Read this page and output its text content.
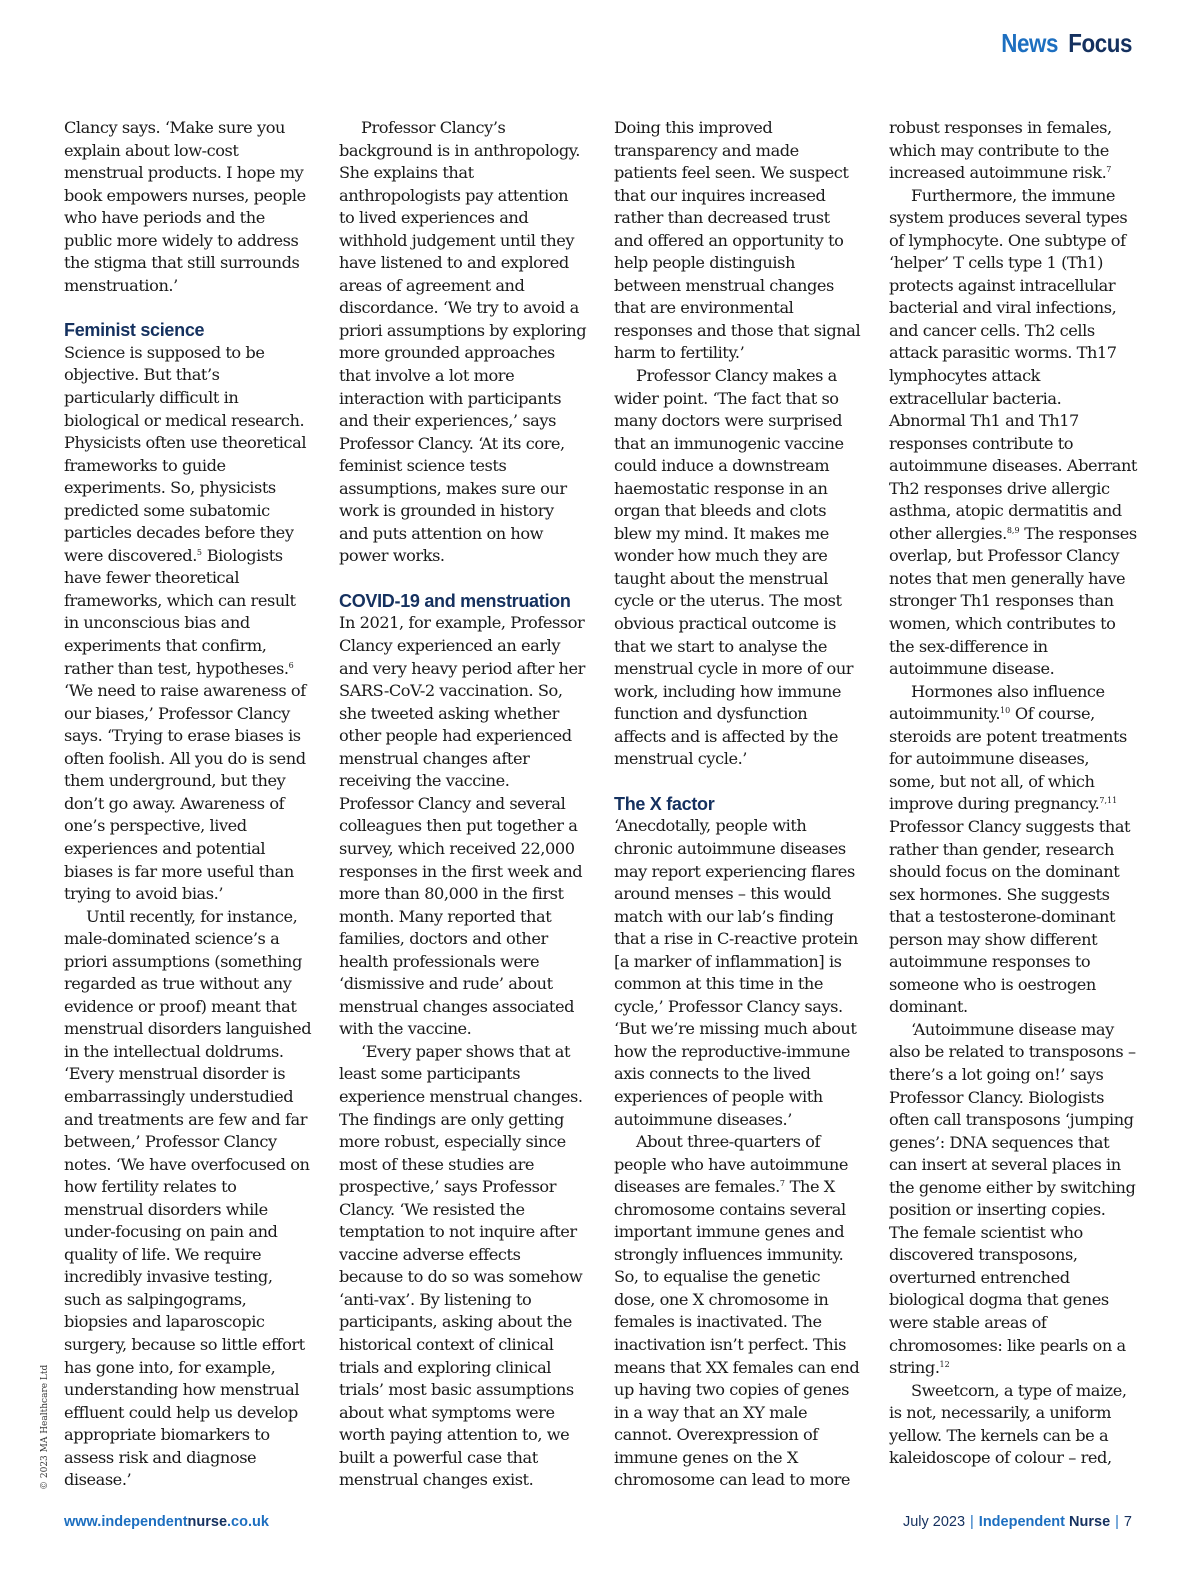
News Focus

Clancy says. ‘Make sure you explain about low-cost menstrual products. I hope my book empowers nurses, people who have periods and the public more widely to address the stigma that still surrounds menstruation.’

Feminist science

Science is supposed to be objective. But that’s particularly difficult in biological or medical research. Physicists often use theoretical frameworks to guide experiments. So, physicists predicted some subatomic particles decades before they were discovered.$^5$ Biologists have fewer theoretical frameworks, which can result in unconscious bias and experiments that confirm, rather than test, hypotheses.$^6$ ‘We need to raise awareness of our biases,’ Professor Clancy says. ‘Trying to erase biases is often foolish. All you do is send them underground, but they don’t go away. Awareness of one’s perspective, lived experiences and potential biases is far more useful than trying to avoid bias.’

Until recently, for instance, male-dominated science’s a priori assumptions (something regarded as true without any evidence or proof) meant that menstrual disorders languished in the intellectual doldrums. ‘Every menstrual disorder is embarrassingly understudied and treatments are few and far between,’ Professor Clancy notes. ‘We have overfocused on how fertility relates to menstrual disorders while under-focusing on pain and quality of life. We require incredibly invasive testing, such as salpingograms, biopsies and laparoscopic surgery, because so little effort has gone into, for example, understanding how menstrual effluent could help us develop appropriate biomarkers to assess risk and diagnose disease.’

Professor Clancy’s background is in anthropology. She explains that anthropologists pay attention to lived experiences and withhold judgement until they have listened to and explored areas of agreement and discordance. ‘We try to avoid a priori assumptions by exploring more grounded approaches that involve a lot more interaction with participants and their experiences,’ says Professor Clancy. ‘At its core, feminist science tests assumptions, makes sure our work is grounded in history and puts attention on how power works.

COVID-19 and menstruation

In 2021, for example, Professor Clancy experienced an early and very heavy period after her SARS-CoV-2 vaccination. So, she tweeted asking whether other people had experienced menstrual changes after receiving the vaccine. Professor Clancy and several colleagues then put together a survey, which received 22,000 responses in the first week and more than 80,000 in the first month. Many reported that families, doctors and other health professionals were ‘dismissive and rude’ about menstrual changes associated with the vaccine.

‘Every paper shows that at least some participants experience menstrual changes. The findings are only getting more robust, especially since most of these studies are prospective,’ says Professor Clancy. ‘We resisted the temptation to not inquire after vaccine adverse effects because to do so was somehow ‘anti-vax’. By listening to participants, asking about the historical context of clinical trials and exploring clinical trials’ most basic assumptions about what symptoms were worth paying attention to, we built a powerful case that menstrual changes exist.

Doing this improved transparency and made patients feel seen. We suspect that our inquires increased rather than decreased trust and offered an opportunity to help people distinguish between menstrual changes that are environmental responses and those that signal harm to fertility.’

Professor Clancy makes a wider point. ‘The fact that so many doctors were surprised that an immunogenic vaccine could induce a downstream haemostatic response in an organ that bleeds and clots blew my mind. It makes me wonder how much they are taught about the menstrual cycle or the uterus. The most obvious practical outcome is that we start to analyse the menstrual cycle in more of our work, including how immune function and dysfunction affects and is affected by the menstrual cycle.’

The X factor

‘Anecdotally, people with chronic autoimmune diseases may report experiencing flares around menses – this would match with our lab’s finding that a rise in C-reactive protein [a marker of inflammation] is common at this time in the cycle,’ Professor Clancy says. ‘But we’re missing much about how the reproductive-immune axis connects to the lived experiences of people with autoimmune diseases.’

About three-quarters of people who have autoimmune diseases are females.$^7$ The X chromosome contains several important immune genes and strongly influences immunity. So, to equalise the genetic dose, one X chromosome in females is inactivated. The inactivation isn’t perfect. This means that XX females can end up having two copies of genes in a way that an XY male cannot. Overexpression of immune genes on the X chromosome can lead to more

robust responses in females, which may contribute to the increased autoimmune risk.$^7$

Furthermore, the immune system produces several types of lymphocyte. One subtype of ‘helper’ T cells type 1 (Th1) protects against intracellular bacterial and viral infections, and cancer cells. Th2 cells attack parasitic worms. Th17 lymphocytes attack extracellular bacteria. Abnormal Th1 and Th17 responses contribute to autoimmune diseases. Aberrant Th2 responses drive allergic asthma, atopic dermatitis and other allergies.$^{8,9}$ The responses overlap, but Professor Clancy notes that men generally have stronger Th1 responses than women, which contributes to the sex-difference in autoimmune disease.

Hormones also influence autoimmunity.$^{10}$ Of course, steroids are potent treatments for autoimmune diseases, some, but not all, of which improve during pregnancy.$^{7,11}$ Professor Clancy suggests that rather than gender, research should focus on the dominant sex hormones. She suggests that a testosterone-dominant person may show different autoimmune responses to someone who is oestrogen dominant.

‘Autoimmune disease may also be related to transposons – there’s a lot going on!’ says Professor Clancy. Biologists often call transposons ‘jumping genes’: DNA sequences that can insert at several places in the genome either by switching position or inserting copies. The female scientist who discovered transposons, overturned entrenched biological dogma that genes were stable areas of chromosomes: like pearls on a string.$^{12}$

Sweetcorn, a type of maize, is not, necessarily, a uniform yellow. The kernels can be a kaleidoscope of colour – red,

© 2023 MA Healthcare Ltd
www.independentnurse.co.uk	July 2023 | Independent Nurse | 7
